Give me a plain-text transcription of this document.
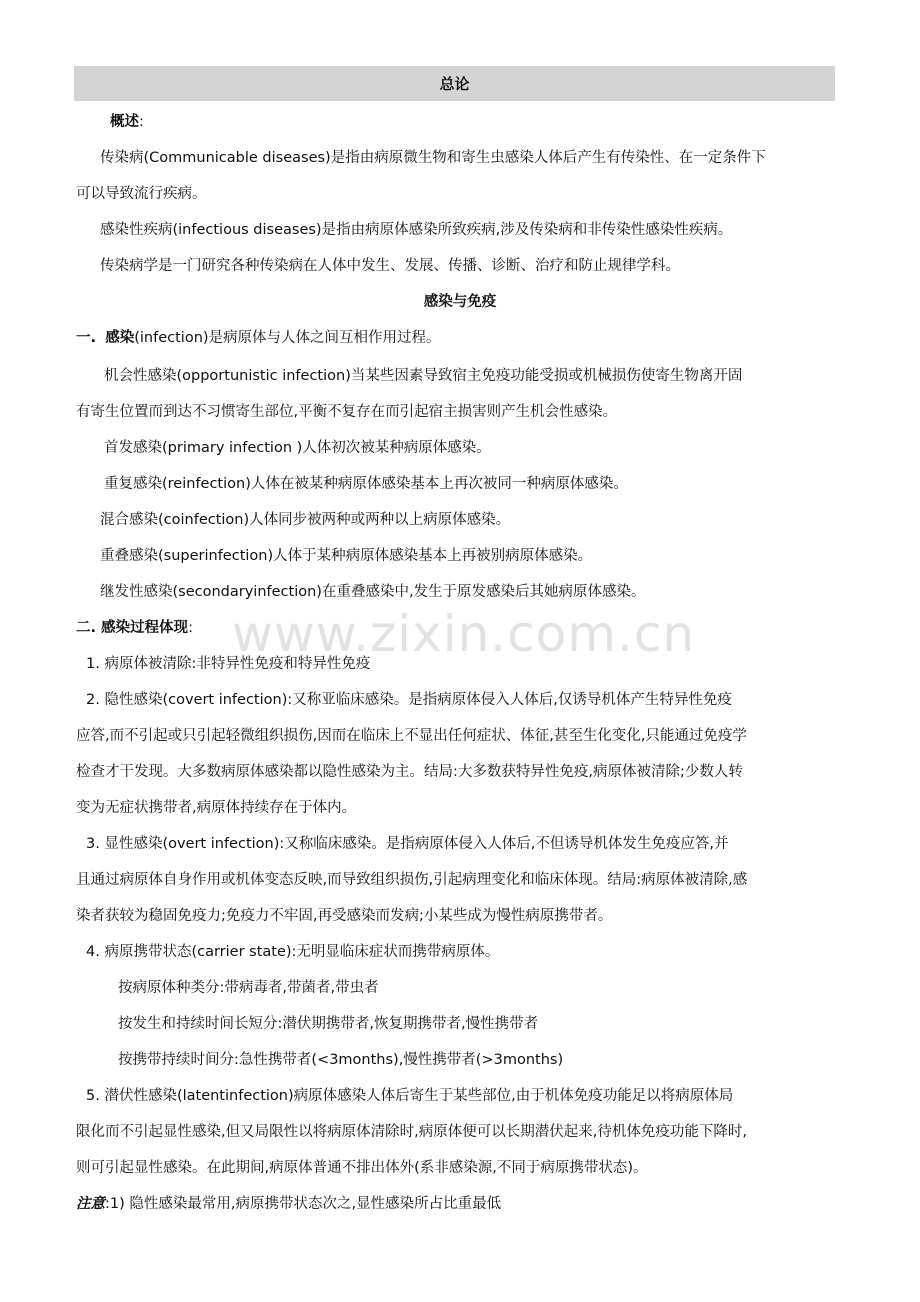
www.zixin.com.cn
总论
概述:
传染病(Communicable diseases)是指由病原微生物和寄生虫感染人体后产生有传染性、在一定条件下
可以导致流行疾病。
感染性疾病(infectious diseases)是指由病原体感染所致疾病,涉及传染病和非传染性感染性疾病。
传染病学是一门研究各种传染病在人体中发生、发展、传播、诊断、治疗和防止规律学科。
感染与免疫
一. 感染(infection)是病原体与人体之间互相作用过程。
机会性感染(opportunistic infection)当某些因素导致宿主免疫功能受损或机械损伤使寄生物离开固
有寄生位置而到达不习惯寄生部位,平衡不复存在而引起宿主损害则产生机会性感染。
首发感染(primary infection )人体初次被某种病原体感染。
重复感染(reinfection)人体在被某种病原体感染基本上再次被同一种病原体感染。
混合感染(coinfection)人体同步被两种或两种以上病原体感染。
重叠感染(superinfection)人体于某种病原体感染基本上再被别病原体感染。
继发性感染(secondaryinfection)在重叠感染中,发生于原发感染后其她病原体感染。
二. 感染过程体现:
1. 病原体被清除:非特异性免疫和特异性免疫
2. 隐性感染(covert infection):又称亚临床感染。是指病原体侵入人体后,仅诱导机体产生特异性免疫
应答,而不引起或只引起轻微组织损伤,因而在临床上不显出任何症状、体征,甚至生化变化,只能通过免疫学
检查才干发现。大多数病原体感染都以隐性感染为主。结局:大多数获特异性免疫,病原体被清除;少数人转
变为无症状携带者,病原体持续存在于体内。
3. 显性感染(overt infection):又称临床感染。是指病原体侵入人体后,不但诱导机体发生免疫应答,并
且通过病原体自身作用或机体变态反映,而导致组织损伤,引起病理变化和临床体现。结局:病原体被清除,感
染者获较为稳固免疫力;免疫力不牢固,再受感染而发病;小某些成为慢性病原携带者。
4. 病原携带状态(carrier state):无明显临床症状而携带病原体。
按病原体种类分:带病毒者,带菌者,带虫者
按发生和持续时间长短分:潜伏期携带者,恢复期携带者,慢性携带者
按携带持续时间分:急性携带者(<3months),慢性携带者(>3months)
5. 潜伏性感染(latentinfection)病原体感染人体后寄生于某些部位,由于机体免疫功能足以将病原体局
限化而不引起显性感染,但又局限性以将病原体清除时,病原体便可以长期潜伏起来,待机体免疫功能下降时,
则可引起显性感染。在此期间,病原体普通不排出体外(系非感染源,不同于病原携带状态)。
注意:1) 隐性感染最常用,病原携带状态次之,显性感染所占比重最低
